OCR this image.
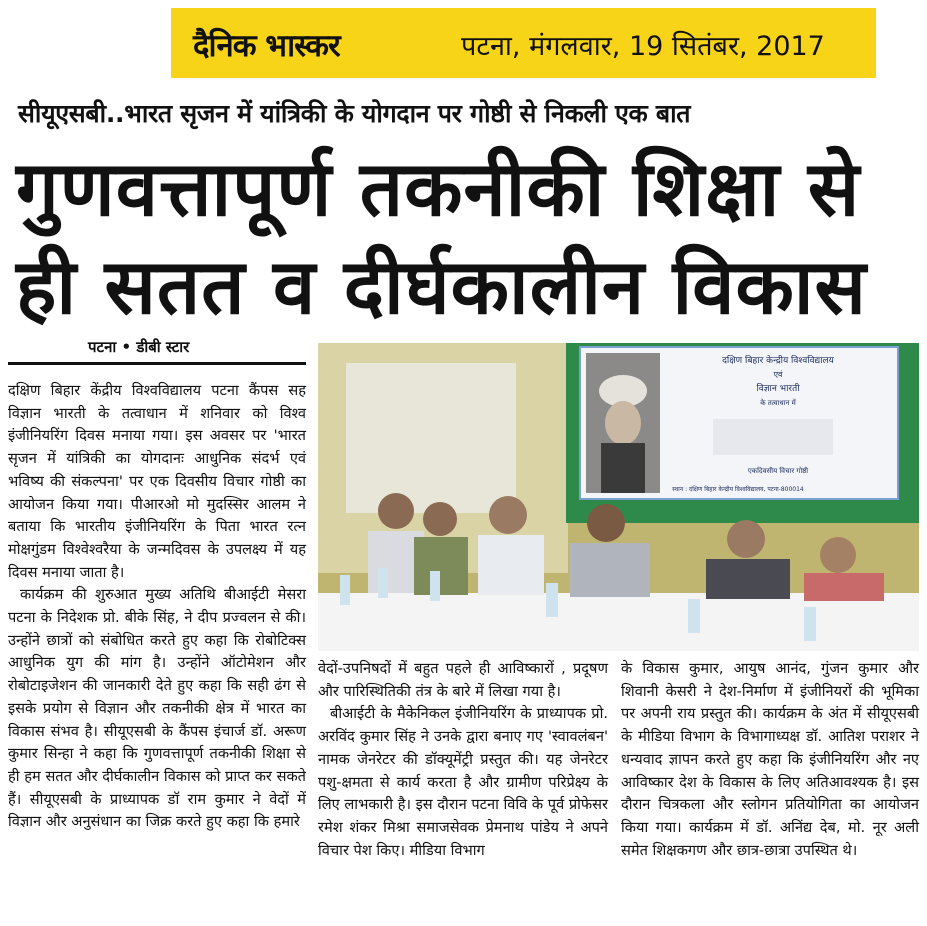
दैनिक भास्कर	पटना, मंगलवार, 19 सितंबर, 2017
सीयूएसबी..भारत सृजन में यांत्रिकी के योगदान पर गोष्ठी से निकली एक बात
गुणवत्तापूर्ण तकनीकी शिक्षा से
ही सतत व दीर्घकालीन विकास
पटना • डीबी स्टार

दक्षिण बिहार केंद्रीय विश्वविद्यालय पटना कैंपस सह विज्ञान भारती के तत्वाधान में शनिवार को विश्व इंजीनियरिंग दिवस मनाया गया। इस अवसर पर 'भारत सृजन में यांत्रिकी का योगदानः आधुनिक संदर्भ एवं भविष्य की संकल्पना' पर एक दिवसीय विचार गोष्ठी का आयोजन किया गया। पीआरओ मो मुदस्सिर आलम ने बताया कि भारतीय इंजीनियरिंग के पिता भारत रत्न मोक्षगुंडम विश्वेश्वरैया के जन्मदिवस के उपलक्ष्य में यह दिवस मनाया जाता है।

कार्यक्रम की शुरुआत मुख्य अतिथि बीआईटी मेसरा पटना के निदेशक प्रो. बीके सिंह, ने दीप प्रज्वलन से की। उन्होंने छात्रों को संबोधित करते हुए कहा कि रोबोटिक्स आधुनिक युग की मांग है। उन्होंने ऑटोमेशन और रोबोटाइजेशन की जानकारी देते हुए कहा कि सही ढंग से इसके प्रयोग से विज्ञान और तकनीकी क्षेत्र में भारत का विकास संभव है। सीयूएसबी के कैंपस इंचार्ज डॉ. अरूण कुमार सिन्हा ने कहा कि गुणवत्तापूर्ण तकनीकी शिक्षा से ही हम सतत और दीर्घकालीन विकास को प्राप्त कर सकते हैं। सीयूएसबी के प्राध्यापक डॉ राम कुमार ने वेदों में विज्ञान और अनुसंधान का जिक्र करते हुए कहा कि हमारे

दक्षिण बिहार केन्द्रीय विश्वविद्यालय
एवं
विज्ञान भारती
के तत्वाधान में
एकदिवसीय विचार गोष्ठी
स्थान : दक्षिण बिहार केन्द्रीय विश्वविद्यालय, पटना-800014

वेदों-उपनिषदों में बहुत पहले ही आविष्कारों , प्रदूषण और पारिस्थितिकी तंत्र के बारे में लिखा गया है।

बीआईटी के मैकेनिकल इंजीनियरिंग के प्राध्यापक प्रो. अरविंद कुमार सिंह ने उनके द्वारा बनाए गए 'स्वावलंबन' नामक जेनरेटर की डॉक्यूमेंट्री प्रस्तुत की। यह जेनरेटर पशु-क्षमता से कार्य करता है और ग्रामीण परिप्रेक्ष्य के लिए लाभकारी है। इस दौरान पटना विवि के पूर्व प्रोफेसर रमेश शंकर मिश्रा समाजसेवक प्रेमनाथ पांडेय ने अपने विचार पेश किए। मीडिया विभाग

के विकास कुमार, आयुष आनंद, गुंजन कुमार और शिवानी केसरी ने देश-निर्माण में इंजीनियरों की भूमिका पर अपनी राय प्रस्तुत की। कार्यक्रम के अंत में सीयूएसबी के मीडिया विभाग के विभागाध्यक्ष डॉ. आतिश पराशर ने धन्यवाद ज्ञापन करते हुए कहा कि इंजीनियरिंग और नए आविष्कार देश के विकास के लिए अतिआवश्यक है। इस दौरान चित्रकला और स्लोगन प्रतियोगिता का आयोजन किया गया। कार्यक्रम में डॉ. अनिंद्य देब, मो. नूर अली समेत शिक्षकगण और छात्र-छात्रा उपस्थित थे।
